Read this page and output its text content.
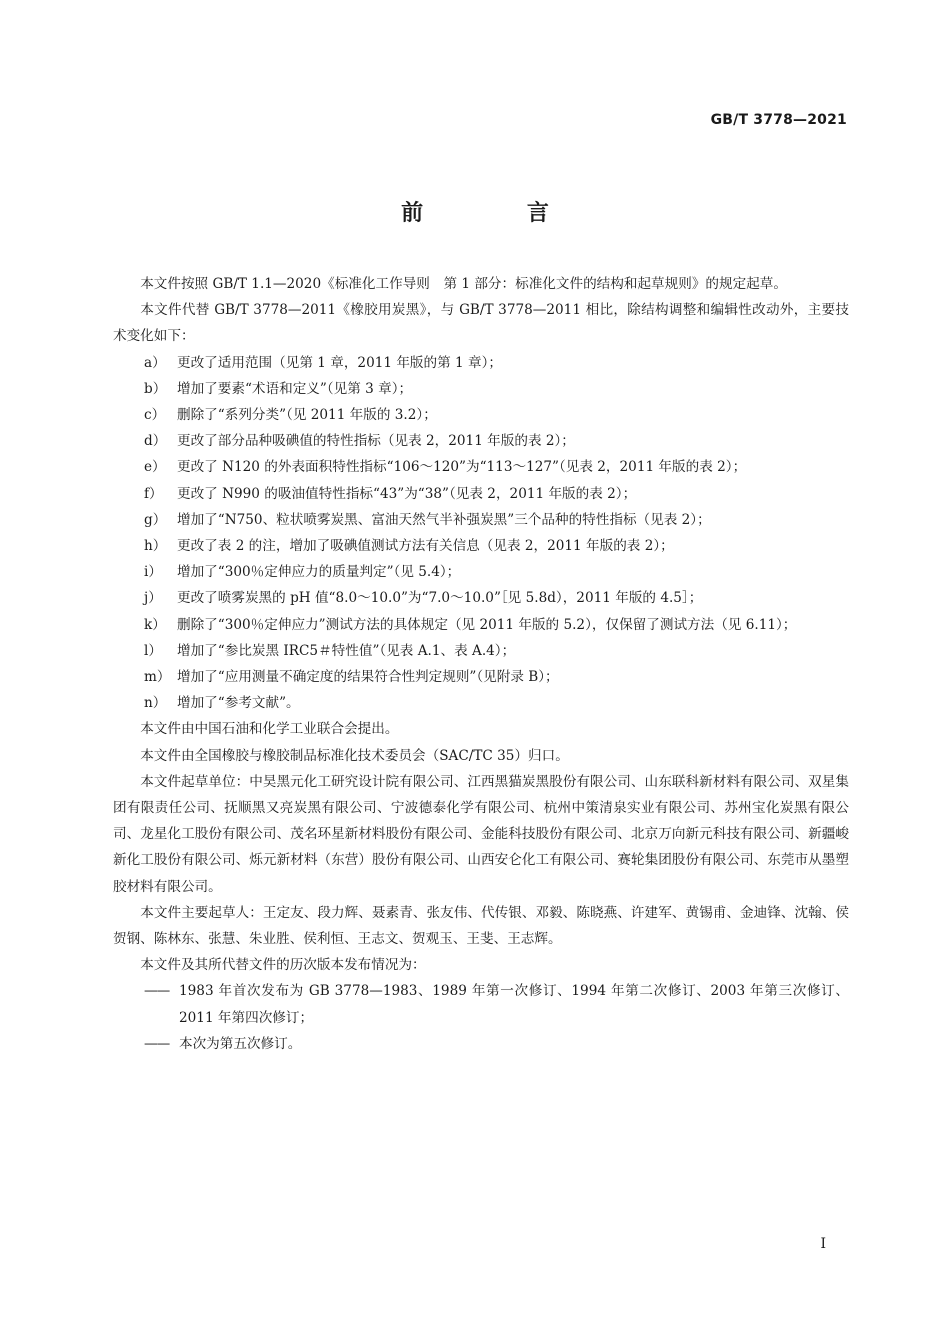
GB/T 3778—2021
前 言
本文件按照 GB/T 1.1—2020《标准化工作导则　第 1 部分：标准化文件的结构和起草规则》的规定起草。
本文件代替 GB/T 3778—2011《橡胶用炭黑》，与 GB/T 3778—2011 相比，除结构调整和编辑性改动外，主要技术变化如下：
a） 更改了适用范围（见第 1 章，2011 年版的第 1 章）；
b） 增加了要素“术语和定义”（见第 3 章）；
c） 删除了“系列分类”（见 2011 年版的 3.2）；
d） 更改了部分品种吸碘值的特性指标（见表 2，2011 年版的表 2）；
e） 更改了 N120 的外表面积特性指标“106～120”为“113～127”（见表 2，2011 年版的表 2）；
f）	更改了 N990 的吸油值特性指标“43”为“38”（见表 2，2011 年版的表 2）；
g） 增加了“N750、粒状喷雾炭黑、富油天然气半补强炭黑”三个品种的特性指标（见表 2）；
h） 更改了表 2 的注，增加了吸碘值测试方法有关信息（见表 2，2011 年版的表 2）；
i）	增加了“300％定伸应力的质量判定”（见 5.4）；
j）	更改了喷雾炭黑的 pH 值“8.0～10.0”为“7.0～10.0”［见 5.8d），2011 年版的 4.5］；
k） 删除了“300％定伸应力”测试方法的具体规定（见 2011 年版的 5.2），仅保留了测试方法（见 6.11）；
l）	增加了“参比炭黑 IRC5＃特性值”（见表 A.1、表 A.4）；
m） 增加了“应用测量不确定度的结果符合性判定规则”（见附录 B）；
n） 增加了“参考文献”。
本文件由中国石油和化学工业联合会提出。
本文件由全国橡胶与橡胶制品标准化技术委员会（SAC/TC 35）归口。
本文件起草单位：中昊黑元化工研究设计院有限公司、江西黑猫炭黑股份有限公司、山东联科新材料有限公司、双星集团有限责任公司、抚顺黑又亮炭黑有限公司、宁波德泰化学有限公司、杭州中策清泉实业有限公司、苏州宝化炭黑有限公司、龙星化工股份有限公司、茂名环星新材料股份有限公司、金能科技股份有限公司、北京万向新元科技有限公司、新疆峻新化工股份有限公司、烁元新材料（东营）股份有限公司、山西安仑化工有限公司、赛轮集团股份有限公司、东莞市从墨塑胶材料有限公司。
本文件主要起草人：王定友、段力辉、聂素青、张友伟、代传银、邓毅、陈晓燕、许建军、黄锡甫、金迪锋、沈翰、侯贺钢、陈林东、张慧、朱业胜、侯利恒、王志文、贺观玉、王斐、王志辉。
本文件及其所代替文件的历次版本发布情况为：
—— 1983 年首次发布为 GB 3778—1983、1989 年第一次修订、1994 年第二次修订、2003 年第三次修订、2011 年第四次修订；
—— 本次为第五次修订。
Ⅰ
